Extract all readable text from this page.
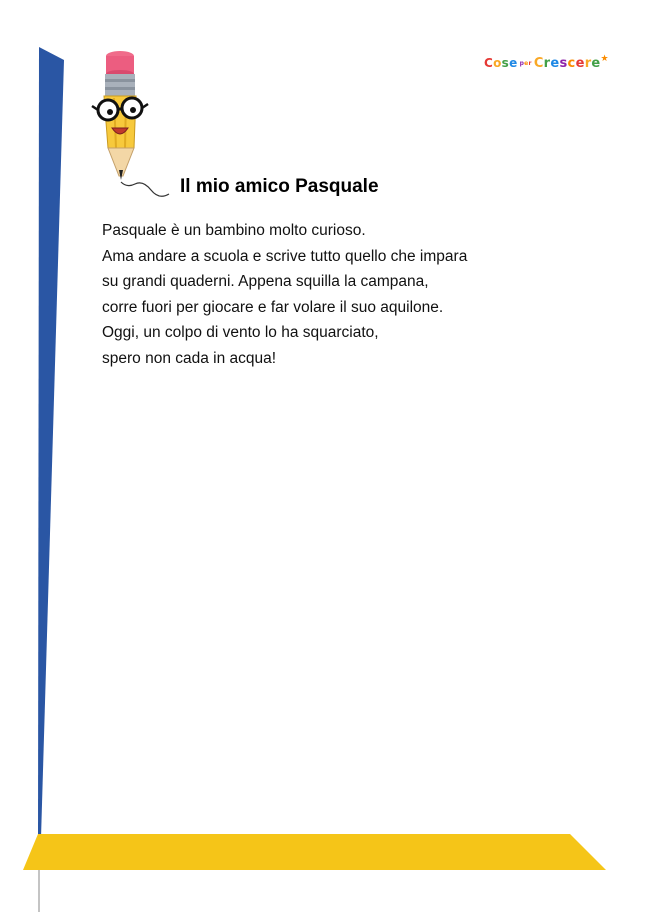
Cose per Crescere★
Il mio amico Pasquale

Pasquale è un bambino molto curioso.

Ama andare a scuola e scrive tutto quello che impara

su grandi quaderni. Appena squilla la campana,

corre fuori per giocare e far volare il suo aquilone.

Oggi, un colpo di vento lo ha squarciato,

spero non cada in acqua!
